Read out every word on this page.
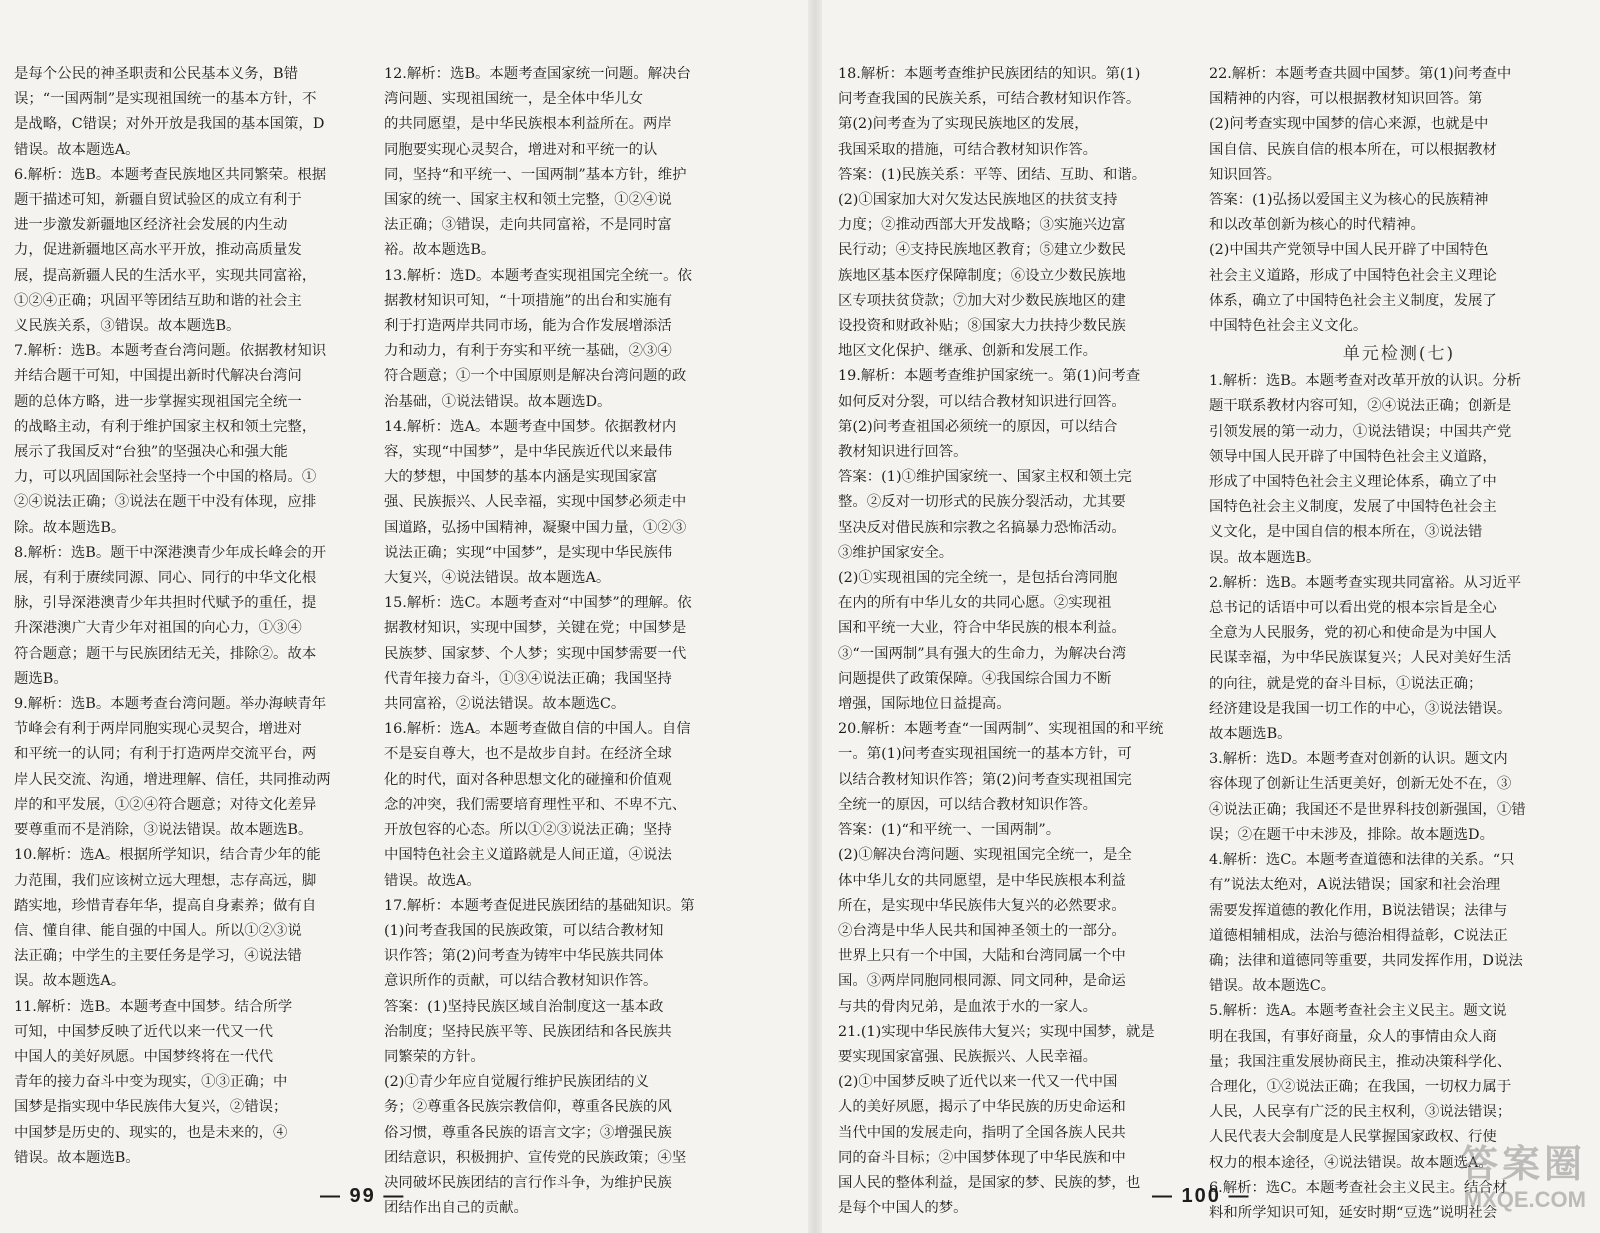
是每个公民的神圣职责和公民基本义务，B错

误；“一国两制”是实现祖国统一的基本方针，不

是战略，C错误；对外开放是我国的基本国策，D

错误。故本题选A。

6.解析：选B。本题考查民族地区共同繁荣。根据

题干描述可知，新疆自贸试验区的成立有利于

进一步激发新疆地区经济社会发展的内生动

力，促进新疆地区高水平开放，推动高质量发

展，提高新疆人民的生活水平，实现共同富裕，

①②④正确；巩固平等团结互助和谐的社会主

义民族关系，③错误。故本题选B。

7.解析：选B。本题考查台湾问题。依据教材知识

并结合题干可知，中国提出新时代解决台湾问

题的总体方略，进一步掌握实现祖国完全统一

的战略主动，有利于维护国家主权和领土完整，

展示了我国反对“台独”的坚强决心和强大能

力，可以巩固国际社会坚持一个中国的格局。①

②④说法正确；③说法在题干中没有体现，应排

除。故本题选B。

8.解析：选B。题干中深港澳青少年成长峰会的开

展，有利于赓续同源、同心、同行的中华文化根

脉，引导深港澳青少年共担时代赋予的重任，提

升深港澳广大青少年对祖国的向心力，①③④

符合题意；题干与民族团结无关，排除②。故本

题选B。

9.解析：选B。本题考查台湾问题。举办海峡青年

节峰会有利于两岸同胞实现心灵契合，增进对

和平统一的认同；有利于打造两岸交流平台，两

岸人民交流、沟通，增进理解、信任，共同推动两

岸的和平发展，①②④符合题意；对待文化差异

要尊重而不是消除，③说法错误。故本题选B。

10.解析：选A。根据所学知识，结合青少年的能

力范围，我们应该树立远大理想，志存高远，脚

踏实地，珍惜青春年华，提高自身素养；做有自

信、懂自律、能自强的中国人。所以①②③说

法正确；中学生的主要任务是学习，④说法错

误。故本题选A。

11.解析：选B。本题考查中国梦。结合所学

可知，中国梦反映了近代以来一代又一代

中国人的美好夙愿。中国梦终将在一代代

青年的接力奋斗中变为现实，①③正确；中

国梦是指实现中华民族伟大复兴，②错误；

中国梦是历史的、现实的，也是未来的，④

错误。故本题选B。

12.解析：选B。本题考查国家统一问题。解决台

湾问题、实现祖国统一，是全体中华儿女

的共同愿望，是中华民族根本利益所在。两岸

同胞要实现心灵契合，增进对和平统一的认

同，坚持“和平统一、一国两制”基本方针，维护

国家的统一、国家主权和领土完整，①②④说

法正确；③错误，走向共同富裕，不是同时富

裕。故本题选B。

13.解析：选D。本题考查实现祖国完全统一。依

据教材知识可知，“十项措施”的出台和实施有

利于打造两岸共同市场，能为合作发展增添活

力和动力，有利于夯实和平统一基础，②③④

符合题意；①一个中国原则是解决台湾问题的政

治基础，①说法错误。故本题选D。

14.解析：选A。本题考查中国梦。依据教材内

容，实现“中国梦”，是中华民族近代以来最伟

大的梦想，中国梦的基本内涵是实现国家富

强、民族振兴、人民幸福，实现中国梦必须走中

国道路，弘扬中国精神，凝聚中国力量，①②③

说法正确；实现“中国梦”，是实现中华民族伟

大复兴，④说法错误。故本题选A。

15.解析：选C。本题考查对“中国梦”的理解。依

据教材知识，实现中国梦，关键在党；中国梦是

民族梦、国家梦、个人梦；实现中国梦需要一代

代青年接力奋斗，①③④说法正确；我国坚持

共同富裕，②说法错误。故本题选C。

16.解析：选A。本题考查做自信的中国人。自信

不是妄自尊大，也不是故步自封。在经济全球

化的时代，面对各种思想文化的碰撞和价值观

念的冲突，我们需要培育理性平和、不卑不亢、

开放包容的心态。所以①②③说法正确；坚持

中国特色社会主义道路就是人间正道，④说法

错误。故选A。

17.解析：本题考查促进民族团结的基础知识。第

(1)问考查我国的民族政策，可以结合教材知

识作答；第(2)问考查为铸牢中华民族共同体

意识所作的贡献，可以结合教材知识作答。

答案：(1)坚持民族区域自治制度这一基本政

治制度；坚持民族平等、民族团结和各民族共

同繁荣的方针。

(2)①青少年应自觉履行维护民族团结的义

务；②尊重各民族宗教信仰，尊重各民族的风

俗习惯，尊重各民族的语言文字；③增强民族

团结意识，积极拥护、宣传党的民族政策；④坚

决同破坏民族团结的言行作斗争，为维护民族

团结作出自己的贡献。

— 99 —

18.解析：本题考查维护民族团结的知识。第(1)

问考查我国的民族关系，可结合教材知识作答。

第(2)问考查为了实现民族地区的发展，

我国采取的措施，可结合教材知识作答。

答案：(1)民族关系：平等、团结、互助、和谐。

(2)①国家加大对欠发达民族地区的扶贫支持

力度；②推动西部大开发战略；③实施兴边富

民行动；④支持民族地区教育；⑤建立少数民

族地区基本医疗保障制度；⑥设立少数民族地

区专项扶贫贷款；⑦加大对少数民族地区的建

设投资和财政补贴；⑧国家大力扶持少数民族

地区文化保护、继承、创新和发展工作。

19.解析：本题考查维护国家统一。第(1)问考查

如何反对分裂，可以结合教材知识进行回答。

第(2)问考查祖国必须统一的原因，可以结合

教材知识进行回答。

答案：(1)①维护国家统一、国家主权和领土完

整。②反对一切形式的民族分裂活动，尤其要

坚决反对借民族和宗教之名搞暴力恐怖活动。

③维护国家安全。

(2)①实现祖国的完全统一，是包括台湾同胞

在内的所有中华儿女的共同心愿。②实现祖

国和平统一大业，符合中华民族的根本利益。

③“一国两制”具有强大的生命力，为解决台湾

问题提供了政策保障。④我国综合国力不断

增强，国际地位日益提高。

20.解析：本题考查“一国两制”、实现祖国的和平统

一。第(1)问考查实现祖国统一的基本方针，可

以结合教材知识作答；第(2)问考查实现祖国完

全统一的原因，可以结合教材知识作答。

答案：(1)“和平统一、一国两制”。

(2)①解决台湾问题、实现祖国完全统一，是全

体中华儿女的共同愿望，是中华民族根本利益

所在，是实现中华民族伟大复兴的必然要求。

②台湾是中华人民共和国神圣领土的一部分。

世界上只有一个中国，大陆和台湾同属一个中

国。③两岸同胞同根同源、同文同种，是命运

与共的骨肉兄弟，是血浓于水的一家人。

21.(1)实现中华民族伟大复兴；实现中国梦，就是

要实现国家富强、民族振兴、人民幸福。

(2)①中国梦反映了近代以来一代又一代中国

人的美好夙愿，揭示了中华民族的历史命运和

当代中国的发展走向，指明了全国各族人民共

同的奋斗目标；②中国梦体现了中华民族和中

国人民的整体利益，是国家的梦、民族的梦，也

是每个中国人的梦。

22.解析：本题考查共圆中国梦。第(1)问考查中

国精神的内容，可以根据教材知识回答。第

(2)问考查实现中国梦的信心来源，也就是中

国自信、民族自信的根本所在，可以根据教材

知识回答。

答案：(1)弘扬以爱国主义为核心的民族精神

和以改革创新为核心的时代精神。

(2)中国共产党领导中国人民开辟了中国特色

社会主义道路，形成了中国特色社会主义理论

体系，确立了中国特色社会主义制度，发展了

中国特色社会主义文化。

单元检测(七)

1.解析：选B。本题考查对改革开放的认识。分析

题干联系教材内容可知，②④说法正确；创新是

引领发展的第一动力，①说法错误；中国共产党

领导中国人民开辟了中国特色社会主义道路，

形成了中国特色社会主义理论体系，确立了中

国特色社会主义制度，发展了中国特色社会主

义文化，是中国自信的根本所在，③说法错

误。故本题选B。

2.解析：选B。本题考查实现共同富裕。从习近平

总书记的话语中可以看出党的根本宗旨是全心

全意为人民服务，党的初心和使命是为中国人

民谋幸福，为中华民族谋复兴；人民对美好生活

的向往，就是党的奋斗目标，①说法正确；

经济建设是我国一切工作的中心，③说法错误。

故本题选B。

3.解析：选D。本题考查对创新的认识。题文内

容体现了创新让生活更美好，创新无处不在，③

④说法正确；我国还不是世界科技创新强国，①错

误；②在题干中未涉及，排除。故本题选D。

4.解析：选C。本题考查道德和法律的关系。“只

有”说法太绝对，A说法错误；国家和社会治理

需要发挥道德的教化作用，B说法错误；法律与

道德相辅相成，法治与德治相得益彰，C说法正

确；法律和道德同等重要，共同发挥作用，D说法

错误。故本题选C。

5.解析：选A。本题考查社会主义民主。题文说

明在我国，有事好商量，众人的事情由众人商

量；我国注重发展协商民主，推动决策科学化、

合理化，①②说法正确；在我国，一切权力属于

人民，人民享有广泛的民主权利，③说法错误；

人民代表大会制度是人民掌握国家政权、行使

权力的根本途径，④说法错误。故本题选A。

6.解析：选C。本题考查社会主义民主。结合材

料和所学知识可知，延安时期“豆选”说明社会

— 100 —
答案圈
MXQE.COM
